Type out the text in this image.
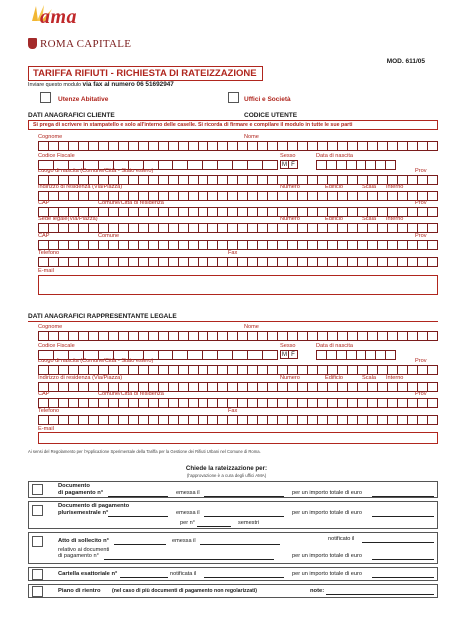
ama
ROMA CAPITALE
MOD. 611/05
TARIFFA RIFIUTI - RICHIESTA DI RATEIZZAZIONE
Inviare questo modulo via fax al numero 06 51692947
Utenze Abitative	Uffici e Società
DATI ANAGRAFICI CLIENTE	CODICE UTENTE
Si prega di scrivere in stampatello e solo all'interno delle caselle. Si ricorda di firmare e compilare il modulo in tutte le sue parti
Cognome	Nome
Codice Fiscale	Sesso	Data di nascita
M F
Luogo di nascita (Comune/Città - Stato estero)	Prov
Indirizzo di residenza (Via/Piazza)	Numero	Edificio	Scala Interno
CAP	Comune/Città di residenza	Prov
Sede legale(Via/Piazza)	Numero	Edificio	Scala Interno
CAP	Comune	Prov
Telefono	Fax
E-mail
DATI ANAGRAFICI RAPPRESENTANTE LEGALE
Cognome	Nome
Codice Fiscale	Sesso	Data di nascita
M F
Luogo di nascita (Comune/Città - Stato estero)	Prov
Indirizzo di residenza (Via/Piazza)	Numero	Edificio	Scala Interno
CAP	Comune/Città di residenza	Prov
Telefono	Fax
E-mail
Ai sensi del Regolamento per l'Applicazione Sperimentale della Tariffa per la Gestione dei Rifiuti Urbani nel Comune di Roma.
Chiede la rateizzazione per:
(l'approvazione è a cura degli uffici AMA)
Documento
di pagamento n°	emessa il	per un importo totale di euro
Documento di pagamento
plurisemestrale n°	emessa il	per un importo totale di euro
per n°	semestri
Atto di sollecito n°	emessa il	notificato il
relativo ai documenti
di pagamento n°	per un importo totale di euro
Cartella esattoriale n°	notificata il	per un importo totale di euro
Piano di rientro (nel caso di più documenti di pagamento non regolarizzati)	note:
